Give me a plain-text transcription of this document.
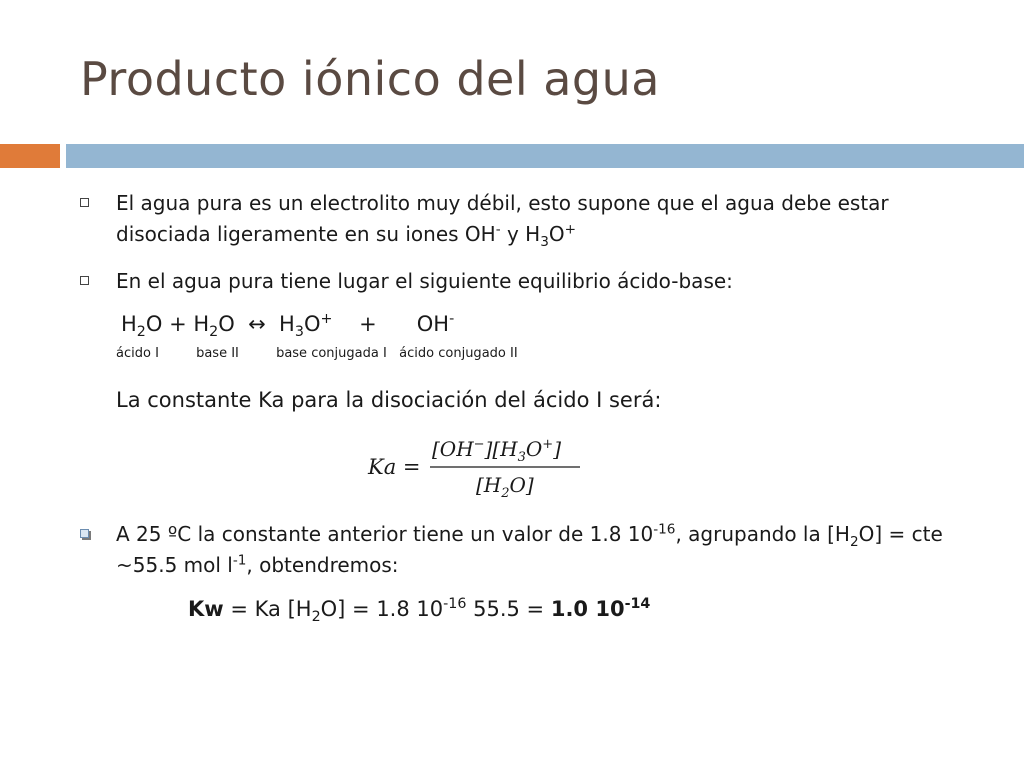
Producto iónico del agua
El agua pura es un electrolito muy débil, esto supone que el agua debe estar disociada ligeramente en su iones OH- y $H_3O^+$
En el agua pura tiene lugar el siguiente equilibrio ácido-base:
$H_2O + H_2O$  ↔  $H_3O^+$    +      OH-
ácido I         base II         base conjugada I   ácido conjugado II
La constante Ka para la disociación del ácido I será:
Ka =
$[OH^-][H_3O^+]$
$[H_2O]$
A 25 ºC la constante anterior tiene un valor de 1.8 $10^{-16}$, agrupando la $[H_2O]$ = cte ~55.5 mol $l^{-1}$, obtendremos:
Kw = Ka $[H_2O] = 1.8$ $10^{-16}$ 55.5 = 1.0 $10^{-14}$
